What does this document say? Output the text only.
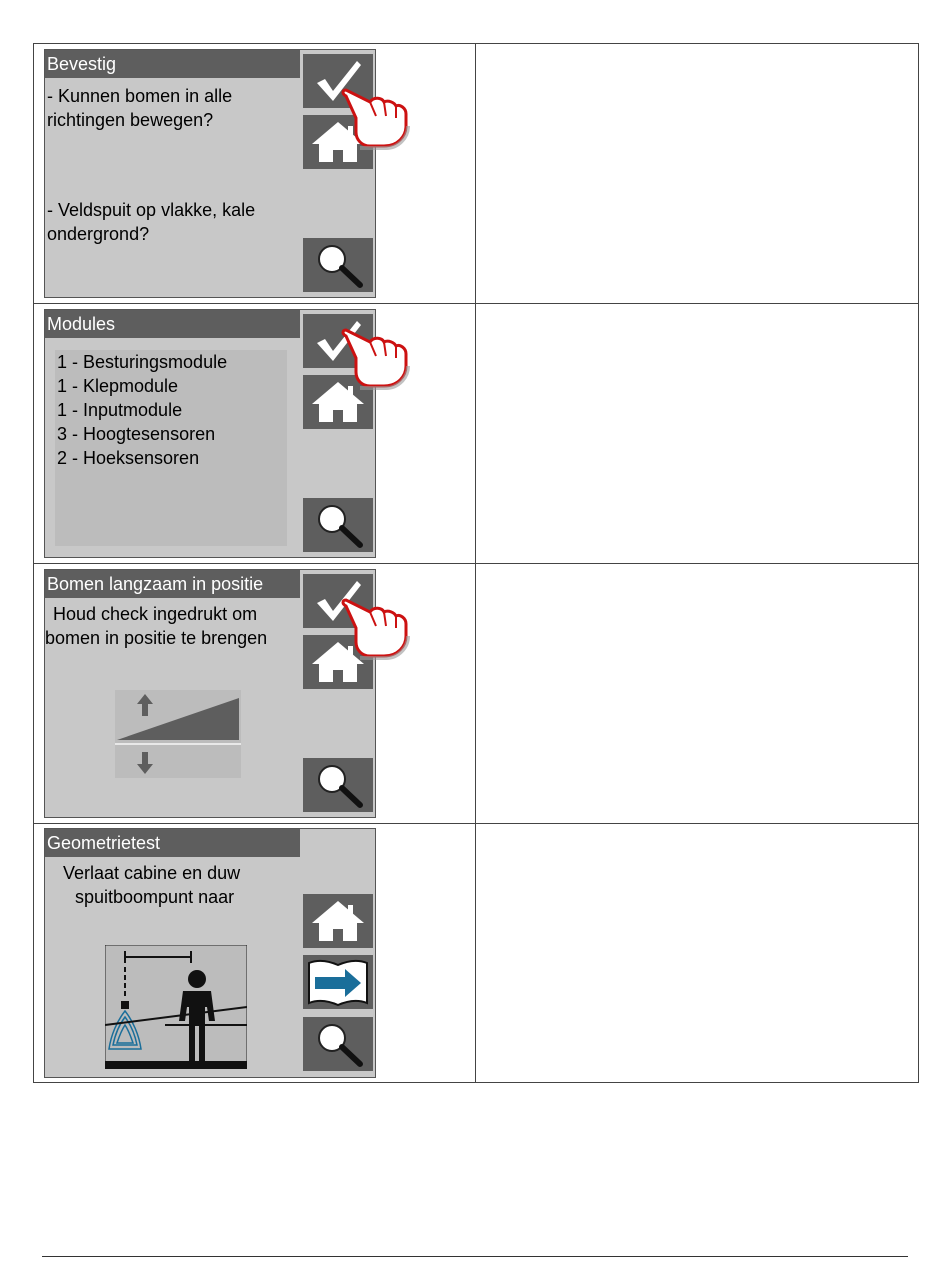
Bevestig
- Kunnen bomen in alle
richtingen bewegen?
- Veldspuit op vlakke, kale
ondergrond?
Modules
1 - Besturingsmodule
1 - Klepmodule
1 - Inputmodule
3 - Hoogtesensoren
2 - Hoeksensoren
Bomen langzaam in positie
Houd check ingedrukt om
bomen in positie te brengen
Geometrietest
Verlaat cabine en duw
spuitboompunt naar
